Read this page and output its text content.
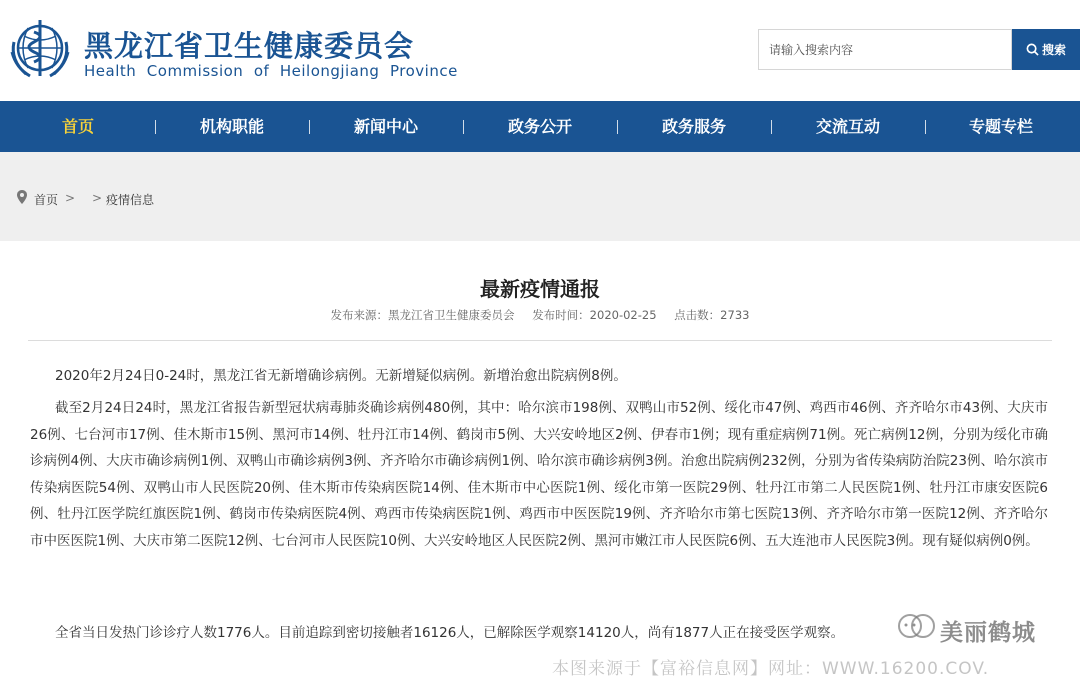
黑龙江省卫生健康委员会
Health  Commission  of  Heilongjiang  Province
请输入搜索内容
搜索
首页	机构职能	新闻中心	政务公开	政务服务	交流互动	专题专栏
首页 > > 疫情信息
最新疫情通报
发布来源：黑龙江省卫生健康委员会 发布时间：2020-02-25 点击数：2733

2020年2月24日0-24时，黑龙江省无新增确诊病例。无新增疑似病例。新增治愈出院病例8例。

截至2月24日24时，黑龙江省报告新型冠状病毒肺炎确诊病例480例，其中：哈尔滨市198例、双鸭山市52例、绥化市47例、鸡西市46例、齐齐哈尔市43例、大庆市26例、七台河市17例、佳木斯市15例、黑河市14例、牡丹江市14例、鹤岗市5例、大兴安岭地区2例、伊春市1例；现有重症病例71例。死亡病例12例，分别为绥化市确诊病例4例、大庆市确诊病例1例、双鸭山市确诊病例3例、齐齐哈尔市确诊病例1例、哈尔滨市确诊病例3例。治愈出院病例232例，分别为省传染病防治院23例、哈尔滨市传染病医院54例、双鸭山市人民医院20例、佳木斯市传染病医院14例、佳木斯市中心医院1例、绥化市第一医院29例、牡丹江市第二人民医院1例、牡丹江市康安医院6例、牡丹江医学院红旗医院1例、鹤岗市传染病医院4例、鸡西市传染病医院1例、鸡西市中医医院19例、齐齐哈尔市第七医院13例、齐齐哈尔市第一医院12例、齐齐哈尔市中医医院1例、大庆市第二医院12例、七台河市人民医院10例、大兴安岭地区人民医院2例、黑河市嫩江市人民医院6例、五大连池市人民医院3例。现有疑似病例0例。

全省当日发热门诊诊疗人数1776人。目前追踪到密切接触者16126人，已解除医学观察14120人，尚有1877人正在接受医学观察。	美丽鹤城
本图来源于【富裕信息网】网址：WWW.16200.COV.
